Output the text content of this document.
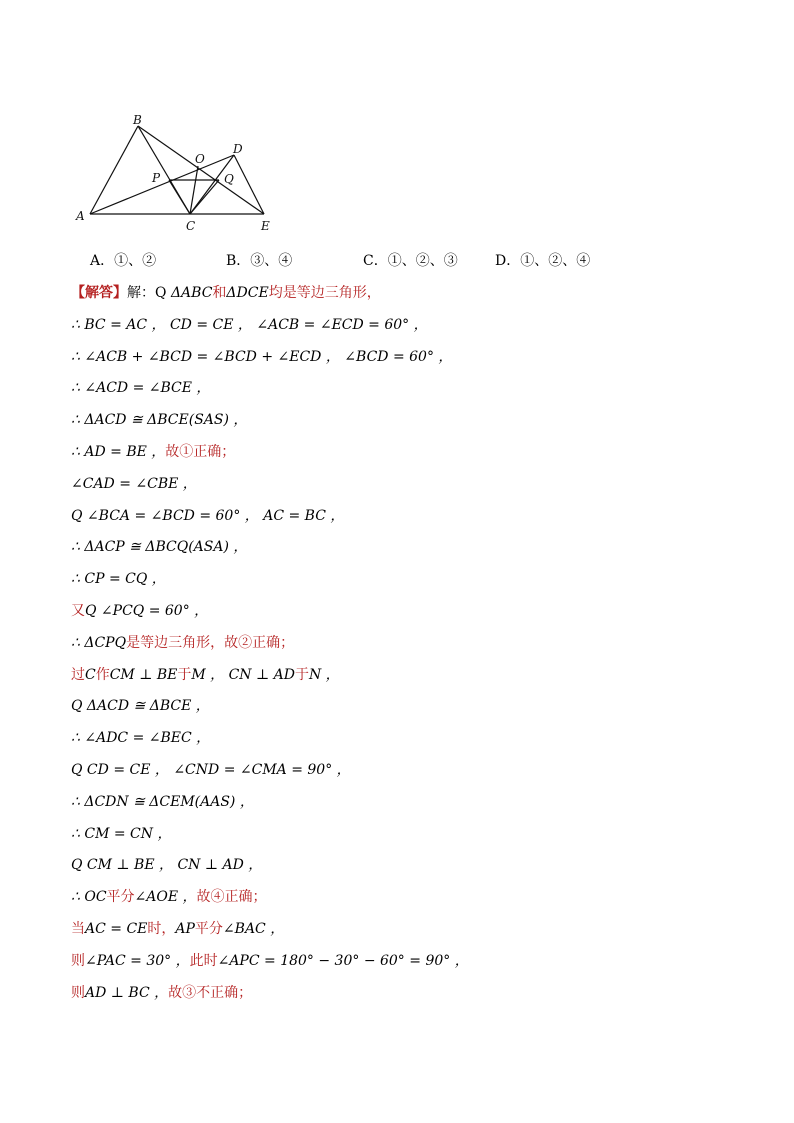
B
O
D
P	Q
A
C	E
A．①、②	B．③、④	C．①、②、③	D．①、②、④
【解答】解：Q ΔABC和ΔDCE均是等边三角形，
∴ BC = AC ， CD = CE ， ∠ACB = ∠ECD = 60° ，
∴ ∠ACB + ∠BCD = ∠BCD + ∠ECD ， ∠BCD = 60° ，
∴ ∠ACD = ∠BCE ，
∴ ΔACD ≅ ΔBCE(SAS) ，
∴ AD = BE ，故①正确；
∠CAD = ∠CBE ，
Q ∠BCA = ∠BCD = 60° ， AC = BC ，
∴ ΔACP ≅ ΔBCQ(ASA) ，
∴ CP = CQ ，
又Q ∠PCQ = 60° ，
∴ ΔCPQ是等边三角形，故②正确；
过C作CM ⊥ BE于M ， CN ⊥ AD于N ，
Q ΔACD ≅ ΔBCE ，
∴ ∠ADC = ∠BEC ，
Q CD = CE ， ∠CND = ∠CMA = 90° ，
∴ ΔCDN ≅ ΔCEM(AAS) ，
∴ CM = CN ，
Q CM ⊥ BE ， CN ⊥ AD ，
∴ OC平分∠AOE ，故④正确；
当AC = CE时，AP平分∠BAC ，
则∠PAC = 30° ，此时∠APC = 180° − 30° − 60° = 90° ，
则AD ⊥ BC ，故③不正确；
